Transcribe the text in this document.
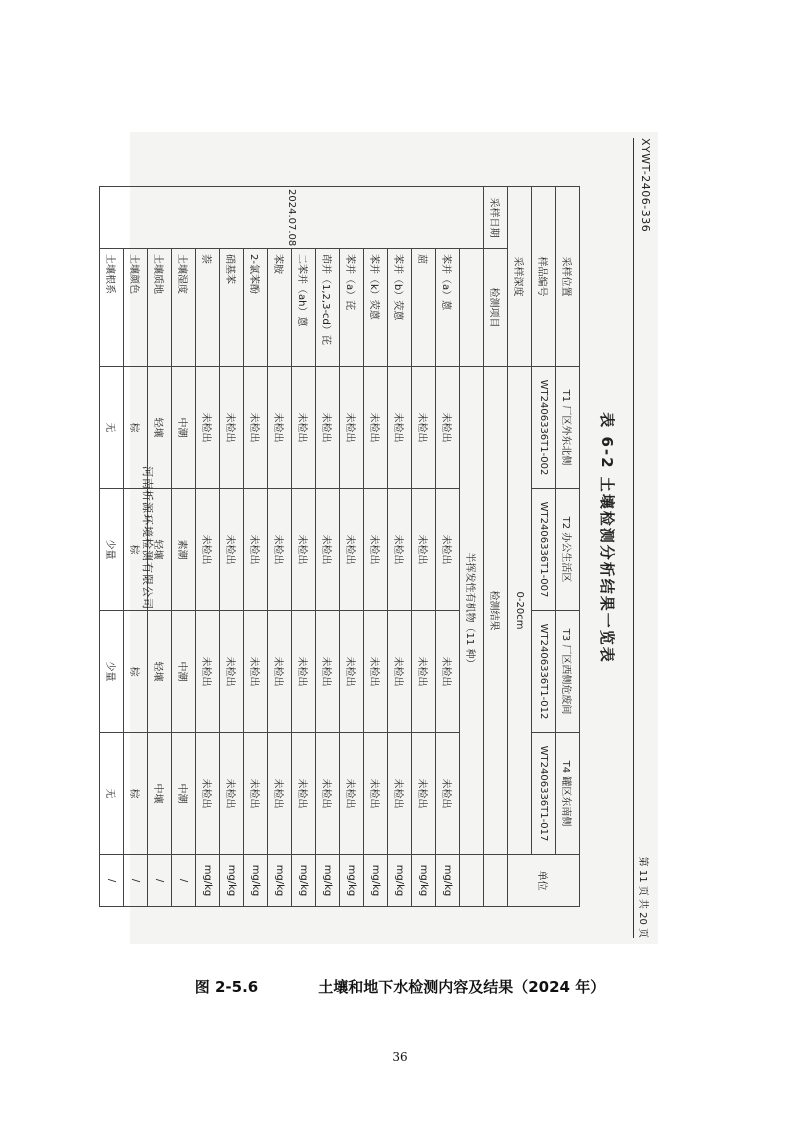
XYWT-2406-336
第 11 页 共 20 页
表 6-2 土壤检测分析结果一览表
采样位置		T1 厂区外东北侧	T2 办公生活区	T3 厂区西侧危废间	T4 罐区东南侧	单位
样品编号		WT2406336T1-002	WT2406336T1-007	WT2406336T1-012	WT2406336T1-017	
采样深度		0-20cm				
采样日期	检测项目	检测结果				
2024.07.08		半挥发性有机物（11 种）				
	苯并（a）蒽	未检出	未检出	未检出	未检出	mg/kg
	䓛	未检出	未检出	未检出	未检出	mg/kg
	苯并（b）荧蒽	未检出	未检出	未检出	未检出	mg/kg
	苯并（k）荧蒽	未检出	未检出	未检出	未检出	mg/kg
	苯并（a）芘	未检出	未检出	未检出	未检出	mg/kg
	茚并（1,2,3-cd）芘	未检出	未检出	未检出	未检出	mg/kg
	二苯并（ah）蒽	未检出	未检出	未检出	未检出	mg/kg
	苯胺	未检出	未检出	未检出	未检出	mg/kg
	2-氯苯酚	未检出	未检出	未检出	未检出	mg/kg
	硝基苯	未检出	未检出	未检出	未检出	mg/kg
	萘	未检出	未检出	未检出	未检出	mg/kg
	土壤湿度	中潮	素潮	中潮	中潮	/
	土壤质地	轻壤	轻壤	轻壤	中壤	/
	土壤颜色	棕	棕	棕	棕	/
	土壤根系	无	少量	少量	无	/
河南析源环境检测有限公司
图 2-5.6	土壤和地下水检测内容及结果（2024 年）
36
